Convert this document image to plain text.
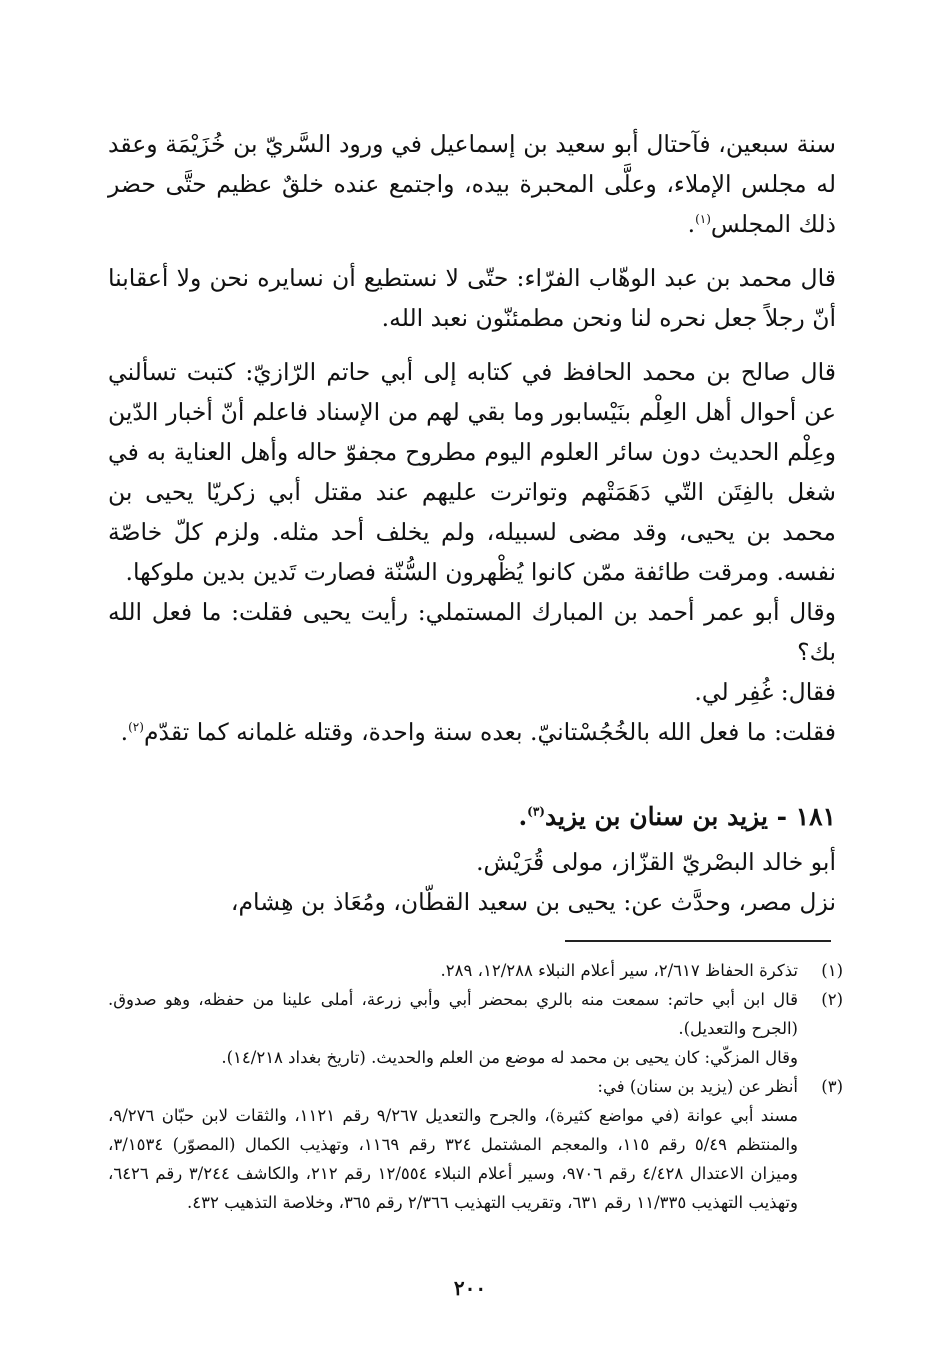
سنة سبعين، فآحتال أبو سعيد بن إسماعيل في ورود السَّريّ بن خُزَيْمَة وعقد له مجلس الإملاء، وعلَّى المحبرة بيده، واجتمع عنده خلقٌ عظيم حتَّى حضر ذلك المجلس$^{(١)}$.

قال محمد بن عبد الوهّاب الفرّاء: حتّى لا نستطيع أن نسايره نحن ولا أعقابنا أنّ رجلاً جعل نحره لنا ونحن مطمئنّون نعبد الله.

قال صالح بن محمد الحافظ في كتابه إلى أبي حاتم الرّازيّ: كتبت تسألني عن أحوال أهل العِلْم بنَيْسابور وما بقي لهم من الإسناد فاعلم أنّ أخبار الدّين وعِلْم الحديث دون سائر العلوم اليوم مطروح مجفوّ حاله وأهل العناية به في شغل بالفِتَن التّي دَهَمَتْهم وتواترت عليهم عند مقتل أبي زكريّا يحيى بن محمد بن يحيى، وقد مضى لسبيله، ولم يخلف أحد مثله. ولزم كلّ خاصّة نفسه. ومرقت طائفة ممّن كانوا يُظْهرون السُّنّة فصارت تَدين بدين ملوكها.

وقال أبو عمر أحمد بن المبارك المستملي: رأيت يحيى فقلت: ما فعل الله بك؟

فقال: غُفِر لي.

فقلت: ما فعل الله بالخُجُسْتانيّ. بعده سنة واحدة، وقتله غلمانه كما تقدّم$^{(٢)}$.

١٨١ - يزيد بن سنان بن يزيد$^{(٣)}$.

أبو خالد البصْريّ القزّاز، مولى قُرَيْش.

نزل مصر، وحدَّث عن: يحيى بن سعيد القطّان، ومُعَاذ بن هِشام،

(١)
تذكرة الحفاظ ٢/٦١٧، سير أعلام النبلاء ١٢/٢٨٨، ٢٨٩.
(٢)
قال ابن أبي حاتم: سمعت منه بالري بمحضر أبي وأبي زرعة، أملى علينا من حفظه، وهو صدوق. (الجرح والتعديل).
وقال المزكّي: كان يحيى بن محمد له موضع من العلم والحديث. (تاريخ بغداد ١٤/٢١٨).
(٣)
أنظر عن (يزيد بن سنان) في:
مسند أبي عوانة (في مواضع كثيرة)، والجرح والتعديل ٩/٢٦٧ رقم ١١٢١، والثقات لابن حبّان ٩/٢٧٦، والمنتظم ٥/٤٩ رقم ١١٥، والمعجم المشتمل ٣٢٤ رقم ١١٦٩، وتهذيب الكمال (المصوّر) ٣/١٥٣٤، وميزان الاعتدال ٤/٤٢٨ رقم ٩٧٠٦، وسير أعلام النبلاء ١٢/٥٥٤ رقم ٢١٢، والكاشف ٣/٢٤٤ رقم ٦٤٢٦، وتهذيب التهذيب ١١/٣٣٥ رقم ٦٣١، وتقريب التهذيب ٢/٣٦٦ رقم ٣٦٥، وخلاصة التذهيب ٤٣٢.
٢٠٠
